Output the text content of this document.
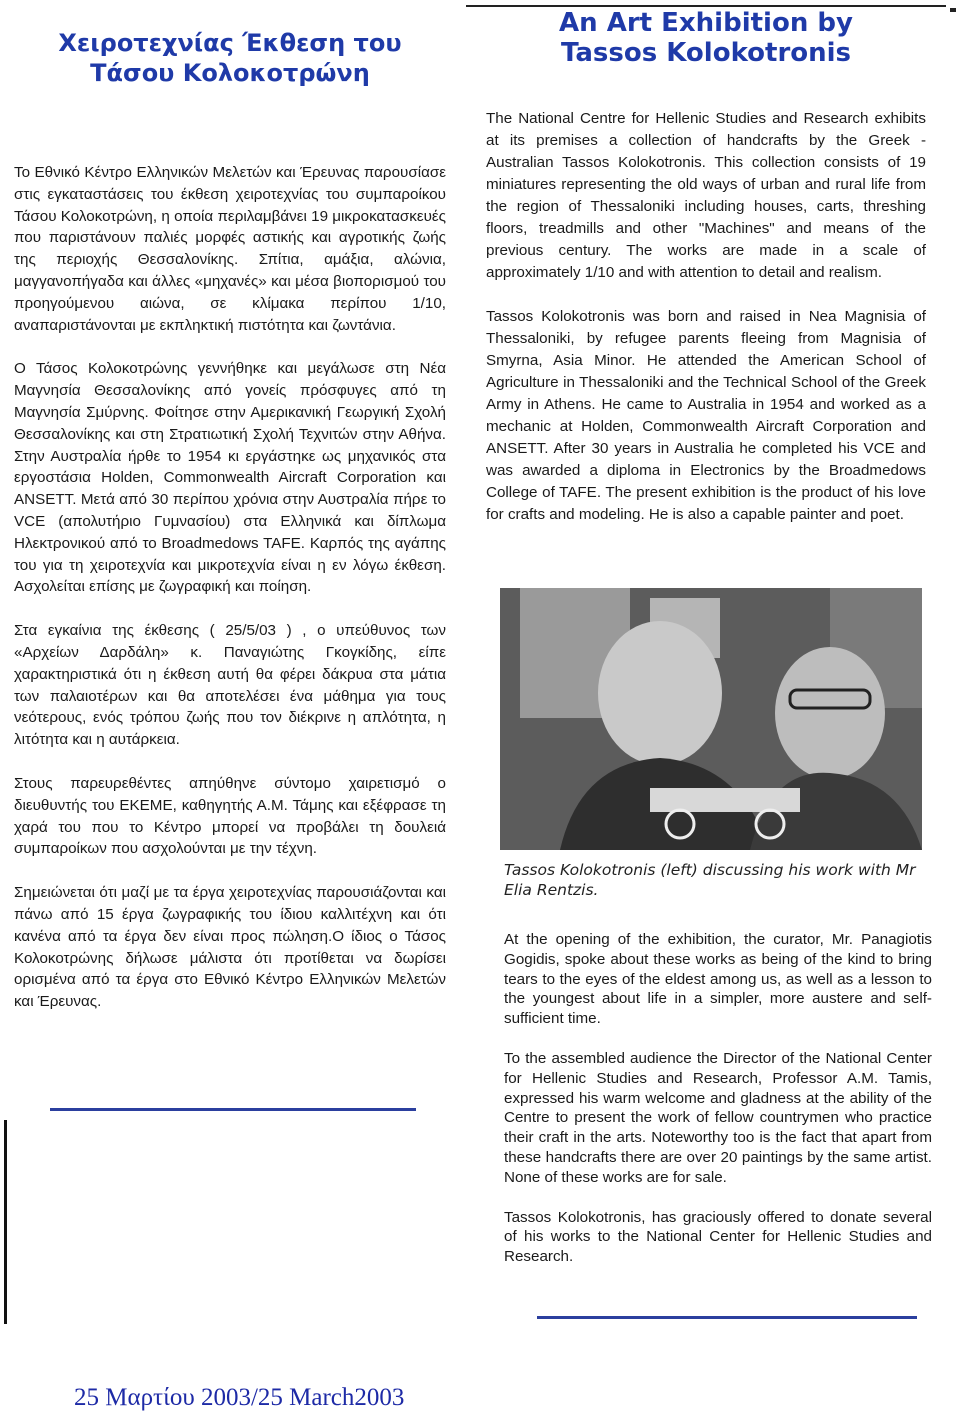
Χειροτεχνίας Έκθεση του
Τάσου Κολοκοτρώνη

Το Εθνικό Κέντρο Ελληνικών Μελετών και Έρευνας παρουσίασε στις εγκαταστάσεις του έκθεση χειροτεχνίας του συμπαροίκου Τάσου Κολοκοτρώνη, η οποία περιλαμβάνει 19 μικροκατασκευές που παριστάνουν παλιές μορφές αστικής και αγροτικής ζωής της περιοχής Θεσσαλονίκης. Σπίτια, αμάξια, αλώνια, μαγγανοπήγαδα και άλλες «μηχανές» και μέσα βιοπορισμού του προηγούμενου αιώνα, σε κλίμακα περίπου 1/10, αναπαριστάνονται με εκπληκτική πιστότητα και ζωντάνια.

Ο Τάσος Κολοκοτρώνης γεννήθηκε και μεγάλωσε στη Νέα Μαγνησία Θεσσαλονίκης από γονείς πρόσφυγες από τη Μαγνησία Σμύρνης. Φοίτησε στην Αμερικανική Γεωργική Σχολή Θεσσαλονίκης και στη Στρατιωτική Σχολή Τεχνιτών στην Αθήνα. Στην Αυστραλία ήρθε το 1954 κι εργάστηκε ως μηχανικός στα εργοστάσια Holden, Commonwealth Aircraft Corporation και ANSETT. Μετά από 30 περίπου χρόνια στην Αυστραλία πήρε το VCE (απολυτήριο Γυμνασίου) στα Ελληνικά και δίπλωμα Ηλεκτρονικού από το Broadmedows TAFE. Καρπός της αγάπης του για τη χειροτεχνία και μικροτεχνία είναι η εν λόγω έκθεση. Ασχολείται επίσης με ζωγραφική και ποίηση.

Στα εγκαίνια της έκθεσης ( 25/5/03 ) , ο υπεύθυνος των «Αρχείων Δαρδάλη» κ. Παναγιώτης Γκογκίδης, είπε χαρακτηριστικά ότι η έκθεση αυτή θα φέρει δάκρυα στα μάτια των παλαιοτέρων και θα αποτελέσει ένα μάθημα για τους νεότερους, ενός τρόπου ζωής που τον διέκρινε η απλότητα, η λιτότητα και η αυτάρκεια.

Στους παρευρεθέντες απηύθηνε σύντομο χαιρετισμό ο διευθυντής του ΕΚΕΜΕ, καθηγητής Α.Μ. Τάμης και εξέφρασε τη χαρά του που το Κέντρο μπορεί να προβάλει τη δουλειά συμπαροίκων που ασχολούνται με την τέχνη.

Σημειώνεται ότι μαζί με τα έργα χειροτεχνίας παρουσιάζονται και πάνω από 15 έργα ζωγραφικής του ίδιου καλλιτέχνη και ότι κανένα από τα έργα δεν είναι προς πώληση.Ο ίδιος ο Τάσος Κολοκοτρώνης δήλωσε μάλιστα ότι προτίθεται να δωρίσει ορισμένα από τα έργα στο Εθνικό Κέντρο Ελληνικών Μελετών και Έρευνας.

An Art Exhibition by
Tassos Kolokotronis

The National Centre for Hellenic Studies and Research exhibits at its premises a collection of handcrafts by the Greek - Australian Tassos Kolokotronis. This collection consists of 19 miniatures representing the old ways of urban and rural life from the region of Thessaloniki including houses, carts, threshing floors, treadmills and other "Machines" and means of the previous century. The works are made in a scale of approximately 1/10 and with attention to detail and realism.

Tassos Kolokotronis was born and raised in Nea Magnisia of Thessaloniki, by refugee parents fleeing from Magnisia of Smyrna, Asia Minor. He attended the American School of Agriculture in Thessaloniki and the Technical School of the Greek Army in Athens. He came to Australia in 1954 and worked as a mechanic at Holden, Commonwealth Aircraft Corporation and ANSETT. After 30 years in Australia he completed his VCE and was awarded a diploma in Electronics by the Broadmedows College of TAFE. The present exhibition is the product of his love for crafts and modeling. He is also a capable painter and poet.

Tassos Kolokotronis (left) discussing his work with Mr Elia Rentzis.

At the opening of the exhibition, the curator, Mr. Panagiotis Gogidis, spoke about these works as being of the kind to bring tears to the eyes of the eldest among us, as well as a lesson to the youngest about life in a simpler, more austere and self-sufficient time.

To the assembled audience the Director of the National Center for Hellenic Studies and Research, Professor A.M. Tamis, expressed his warm welcome and gladness at the ability of the Centre to present the work of fellow countrymen who practice their craft in the arts. Noteworthy too is the fact that apart from these handcrafts there are over 20 paintings by the same artist. None of these works are for sale.

Tassos Kolokotronis, has graciously offered to donate several of his works to the National Center for Hellenic Studies and Research.

25 Μαρτίου 2003/25 March2003
